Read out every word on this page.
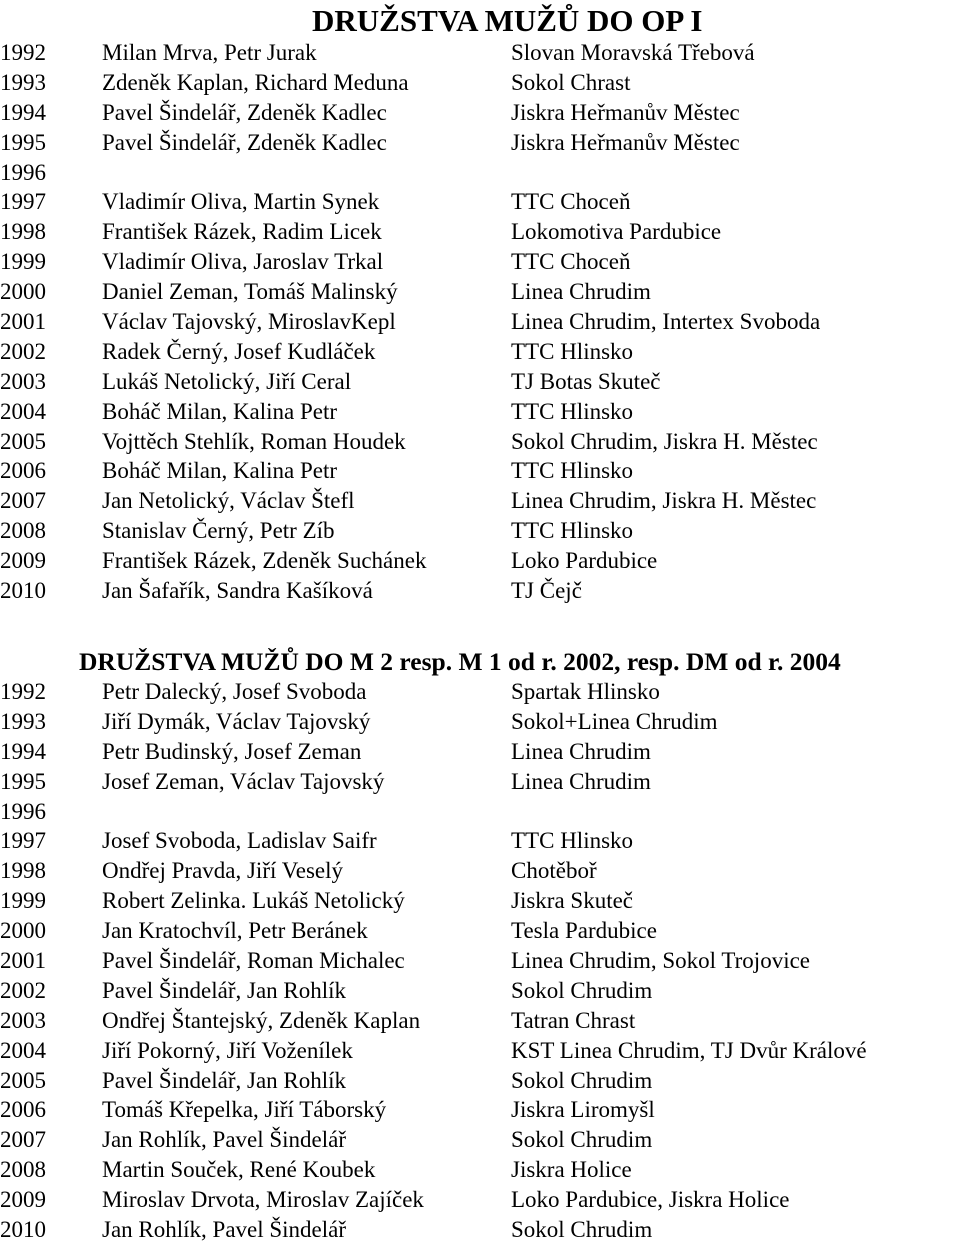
DRUŽSTVA MUŽŮ DO OP I
1992 Milan Mrva, Petr Jurak	Slovan Moravská Třebová
1993 Zdeněk Kaplan, Richard Meduna	Sokol Chrast
1994 Pavel Šindelář, Zdeněk Kadlec	Jiskra Heřmanův Městec
1995 Pavel Šindelář, Zdeněk Kadlec	Jiskra Heřmanův Městec
1996
1997 Vladimír Oliva, Martin Synek	TTC Choceň
1998 František Rázek, Radim Licek	Lokomotiva Pardubice
1999 Vladimír Oliva, Jaroslav Trkal	TTC Choceň
2000 Daniel Zeman, Tomáš Malinský	Linea Chrudim
2001 Václav Tajovský, MiroslavKepl	Linea Chrudim, Intertex Svoboda
2002 Radek Černý, Josef Kudláček	TTC Hlinsko
2003 Lukáš Netolický, Jiří Ceral	TJ Botas Skuteč
2004 Boháč Milan, Kalina Petr	TTC Hlinsko
2005 Vojttěch Stehlík, Roman Houdek	Sokol Chrudim, Jiskra H. Městec
2006 Boháč Milan, Kalina Petr	TTC Hlinsko
2007 Jan Netolický, Václav Štefl	Linea Chrudim, Jiskra H. Městec
2008 Stanislav Černý, Petr Zíb	TTC Hlinsko
2009 František Rázek, Zdeněk Suchánek	Loko Pardubice
2010 Jan Šafařík, Sandra Kašíková	TJ Čejč
DRUŽSTVA MUŽŮ DO M 2 resp. M 1 od r. 2002, resp. DM od r. 2004
1992 Petr Dalecký, Josef Svoboda	Spartak Hlinsko
1993 Jiří Dymák, Václav Tajovský	Sokol+Linea Chrudim
1994 Petr Budinský, Josef Zeman	Linea Chrudim
1995 Josef Zeman, Václav Tajovský	Linea Chrudim
1996
1997 Josef Svoboda, Ladislav Saifr	TTC Hlinsko
1998 Ondřej Pravda, Jiří Veselý	Chotěboř
1999 Robert Zelinka. Lukáš Netolický	Jiskra Skuteč
2000 Jan Kratochvíl, Petr Beránek	Tesla Pardubice
2001 Pavel Šindelář, Roman Michalec	Linea Chrudim, Sokol Trojovice
2002 Pavel Šindelář, Jan Rohlík	Sokol Chrudim
2003 Ondřej Štantejský, Zdeněk Kaplan	Tatran Chrast
2004 Jiří Pokorný, Jiří Voženílek	KST Linea Chrudim, TJ Dvůr Králové
2005 Pavel Šindelář, Jan Rohlík	Sokol Chrudim
2006 Tomáš Křepelka, Jiří Táborský	Jiskra Liromyšl
2007 Jan Rohlík, Pavel Šindelář	Sokol Chrudim
2008 Martin Souček, René Koubek	Jiskra Holice
2009 Miroslav Drvota, Miroslav Zajíček	Loko Pardubice, Jiskra Holice
2010 Jan Rohlík, Pavel Šindelář	Sokol Chrudim
